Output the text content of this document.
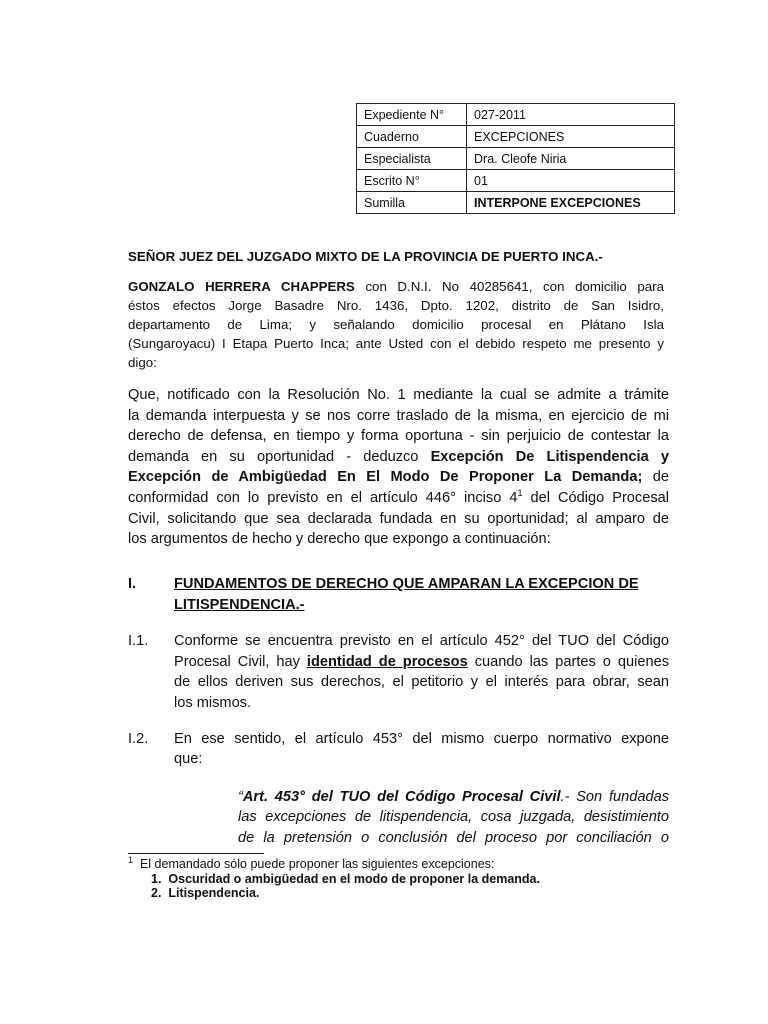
Expediente N°	027-2011
Cuaderno	EXCEPCIONES
Especialista	Dra. Cleofe Niria
Escrito N°	01
Sumilla	INTERPONE EXCEPCIONES
SEÑOR JUEZ DEL JUZGADO MIXTO DE LA PROVINCIA DE PUERTO INCA.-
GONZALO HERRERA CHAPPERS con D.N.I. No 40285641, con domicilio para
éstos efectos Jorge Basadre Nro. 1436, Dpto. 1202, distrito de San Isidro,
departamento de Lima; y señalando domicilio procesal en Plátano Isla
(Sungaroyacu) I Etapa Puerto Inca; ante Usted con el debido respeto me presento y
digo:
Que, notificado con la Resolución No. 1 mediante la cual se admite a trámite
la demanda interpuesta y se nos corre traslado de la misma, en ejercicio de mi
derecho de defensa, en tiempo y forma oportuna - sin perjuicio de contestar la
demanda en su oportunidad - deduzco Excepción De Litispendencia y
Excepción de Ambigüedad En El Modo De Proponer La Demanda; de
conformidad con lo previsto en el artículo 446° inciso $4^1$ del Código Procesal
Civil, solicitando que sea declarada fundada en su oportunidad; al amparo de
los argumentos de hecho y derecho que expongo a continuación:
I.	FUNDAMENTOS DE DERECHO QUE AMPARAN LA EXCEPCION DE
LITISPENDENCIA.-
I.1. Conforme se encuentra previsto en el artículo 452° del TUO del Código
Procesal Civil, hay identidad de procesos cuando las partes o quienes
de ellos deriven sus derechos, el petitorio y el interés para obrar, sean
los mismos.
I.2. En ese sentido, el artículo 453° del mismo cuerpo normativo expone
que:
“Art. 453° del TUO del Código Procesal Civil.- Son fundadas
las excepciones de litispendencia, cosa juzgada, desistimiento
de la pretensión o conclusión del proceso por conciliación o
$^1$ El demandado sólo puede proponer las siguientes excepciones:
1. Oscuridad o ambigüedad en el modo de proponer la demanda.
2. Litispendencia.
